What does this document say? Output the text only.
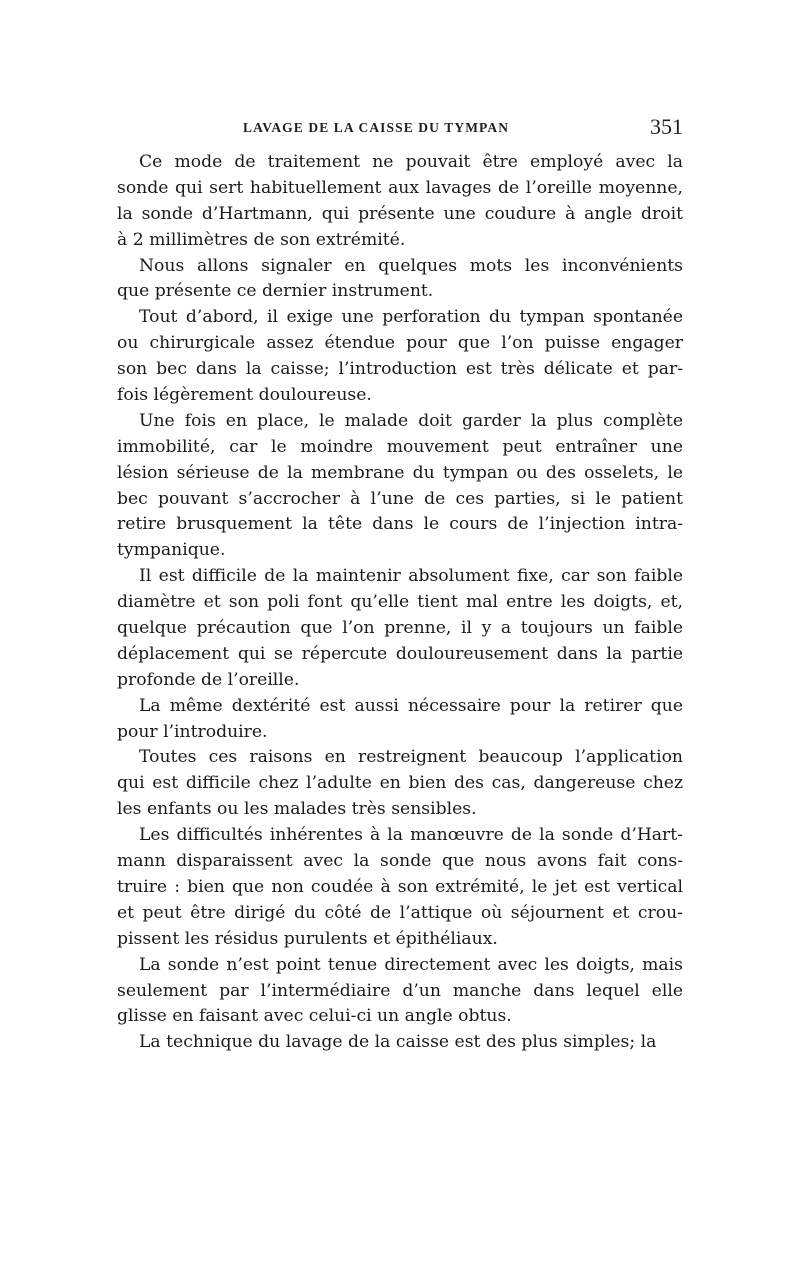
LAVAGE DE LA CAISSE DU TYMPAN	351

Ce mode de traitement ne pouvait être employé avec la
sonde qui sert habituellement aux lavages de l’oreille moyenne,
la sonde d’Hartmann, qui présente une coudure à angle droit
à 2 millimètres de son extrémité.

Nous allons signaler en quelques mots les inconvénients
que présente ce dernier instrument.

Tout d’abord, il exige une perforation du tympan spontanée
ou chirurgicale assez étendue pour que l’on puisse engager
son bec dans la caisse; l’introduction est très délicate et par-
fois légèrement douloureuse.

Une fois en place, le malade doit garder la plus complète
immobilité, car le moindre mouvement peut entraîner une
lésion sérieuse de la membrane du tympan ou des osselets, le
bec pouvant s’accrocher à l’une de ces parties, si le patient
retire brusquement la tête dans le cours de l’injection intra-
tympanique.

Il est difficile de la maintenir absolument fixe, car son faible
diamètre et son poli font qu’elle tient mal entre les doigts, et,
quelque précaution que l’on prenne, il y a toujours un faible
déplacement qui se répercute douloureusement dans la partie
profonde de l’oreille.

La même dextérité est aussi nécessaire pour la retirer que
pour l’introduire.

Toutes ces raisons en restreignent beaucoup l’application
qui est difficile chez l’adulte en bien des cas, dangereuse chez
les enfants ou les malades très sensibles.

Les difficultés inhérentes à la manœuvre de la sonde d’Hart-
mann disparaissent avec la sonde que nous avons fait cons-
truire : bien que non coudée à son extrémité, le jet est vertical
et peut être dirigé du côté de l’attique où séjournent et crou-
pissent les résidus purulents et épithéliaux.

La sonde n’est point tenue directement avec les doigts, mais
seulement par l’intermédiaire d’un manche dans lequel elle
glisse en faisant avec celui-ci un angle obtus.

La technique du lavage de la caisse est des plus simples; la
